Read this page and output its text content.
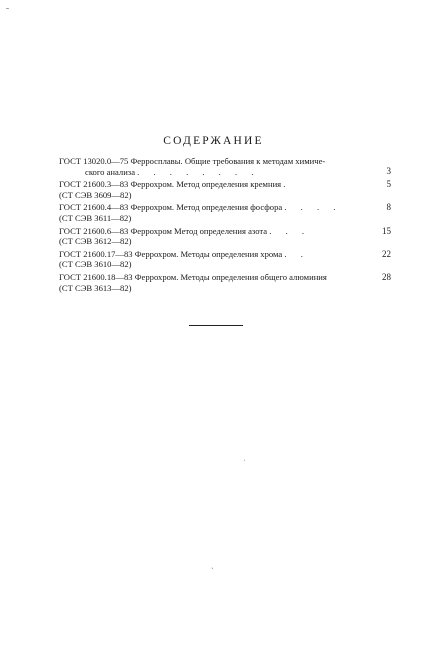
ˉ
СОДЕРЖАНИЕ
ГОСТ 13020.0—75 Ферросплавы. Общие требования к методам химиче-
ского анализа . . . . . . . .	3
ГОСТ 21600.3—83 Феррохром. Метод определения кремния .
(СТ СЭВ 3609—82)
5
ГОСТ 21600.4—83 Феррохром. Метод определения фосфора . . . .
(СТ СЭВ 3611—82)
8
ГОСТ 21600.6—83 Феррохром Метод определения азота . . .
(СТ СЭВ 3612—82)
15
ГОСТ 21600.17—83 Феррохром. Методы определения хрома . .
(СТ СЭВ 3610—82)
22
ГОСТ 21600.18—83 Феррохром. Методы определения общего алюминия
(СТ СЭВ 3613—82)
28
ˌ
ˏ
